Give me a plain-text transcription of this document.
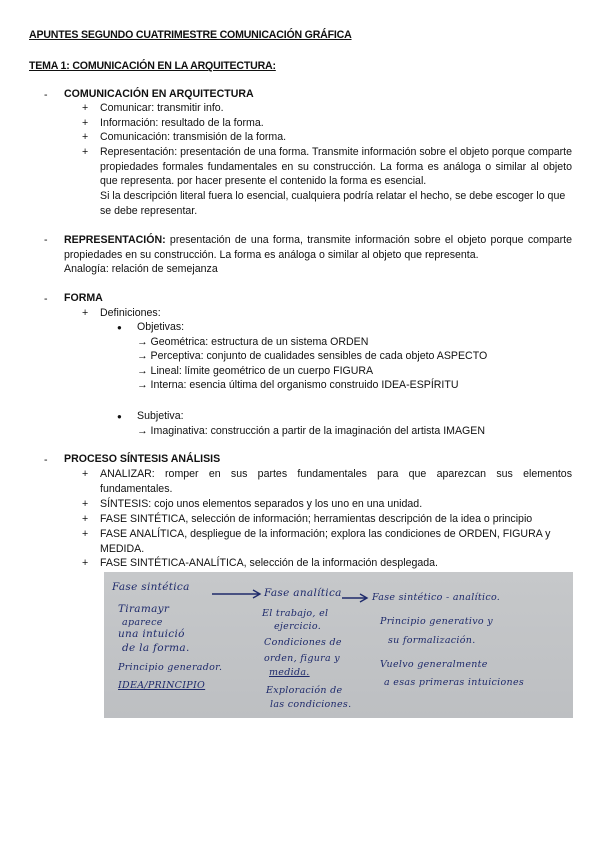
APUNTES SEGUNDO CUATRIMESTRE COMUNICACIÓN GRÁFICA
TEMA 1: COMUNICACIÓN EN LA ARQUITECTURA:
- COMUNICACIÓN EN ARQUITECTURA
+ Comunicar: transmitir info.
+ Información: resultado de la forma.
+ Comunicación: transmisión de la forma.
+ Representación: presentación de una forma. Transmite información sobre el objeto porque comparte propiedades formales fundamentales en su construcción. La forma es análoga o similar al objeto que representa. por hacer presente el contenido la forma es esencial.
Si la descripción literal fuera lo esencial, cualquiera podría relatar el hecho, se debe escoger lo que se debe representar.
- REPRESENTACIÓN: presentación de una forma, transmite información sobre el objeto porque comparte propiedades en su construcción. La forma es análoga o similar al objeto que representa.
Analogía: relación de semejanza
- FORMA
+ Definiciones:
● Objetivas:
→ Geométrica: estructura de un sistema ORDEN
→ Perceptiva: conjunto de cualidades sensibles de cada objeto ASPECTO
→ Lineal: límite geométrico de un cuerpo FIGURA
→ Interna: esencia última del organismo construido IDEA-ESPÍRITU
● Subjetiva:
→ Imaginativa: construcción a partir de la imaginación del artista IMAGEN
- PROCESO SÍNTESIS ANÁLISIS
+ ANALIZAR: romper en sus partes fundamentales para que aparezcan sus elementos fundamentales.
+ SÍNTESIS: cojo unos elementos separados y los uno en una unidad.
+ FASE SINTÉTICA, selección de información; herramientas descripción de la idea o principio
+ FASE ANALÍTICA, despliegue de la información; explora las condiciones de ORDEN, FIGURA y MEDIDA.
+ FASE SINTÉTICA-ANALÍTICA, selección de la información desplegada.
Fase sintética
Tiramayr
aparece
una intuició
de la forma.
Principio generador.
IDEA/PRINCIPIO
Fase analítica
El trabajo, el
ejercicio.
Condiciones de
orden, figura y
medida.
Exploración de
las condiciones.
Fase sintético - analítico.
Principio generativo y
su formalización.
Vuelvo generalmente
a esas primeras intuiciones
